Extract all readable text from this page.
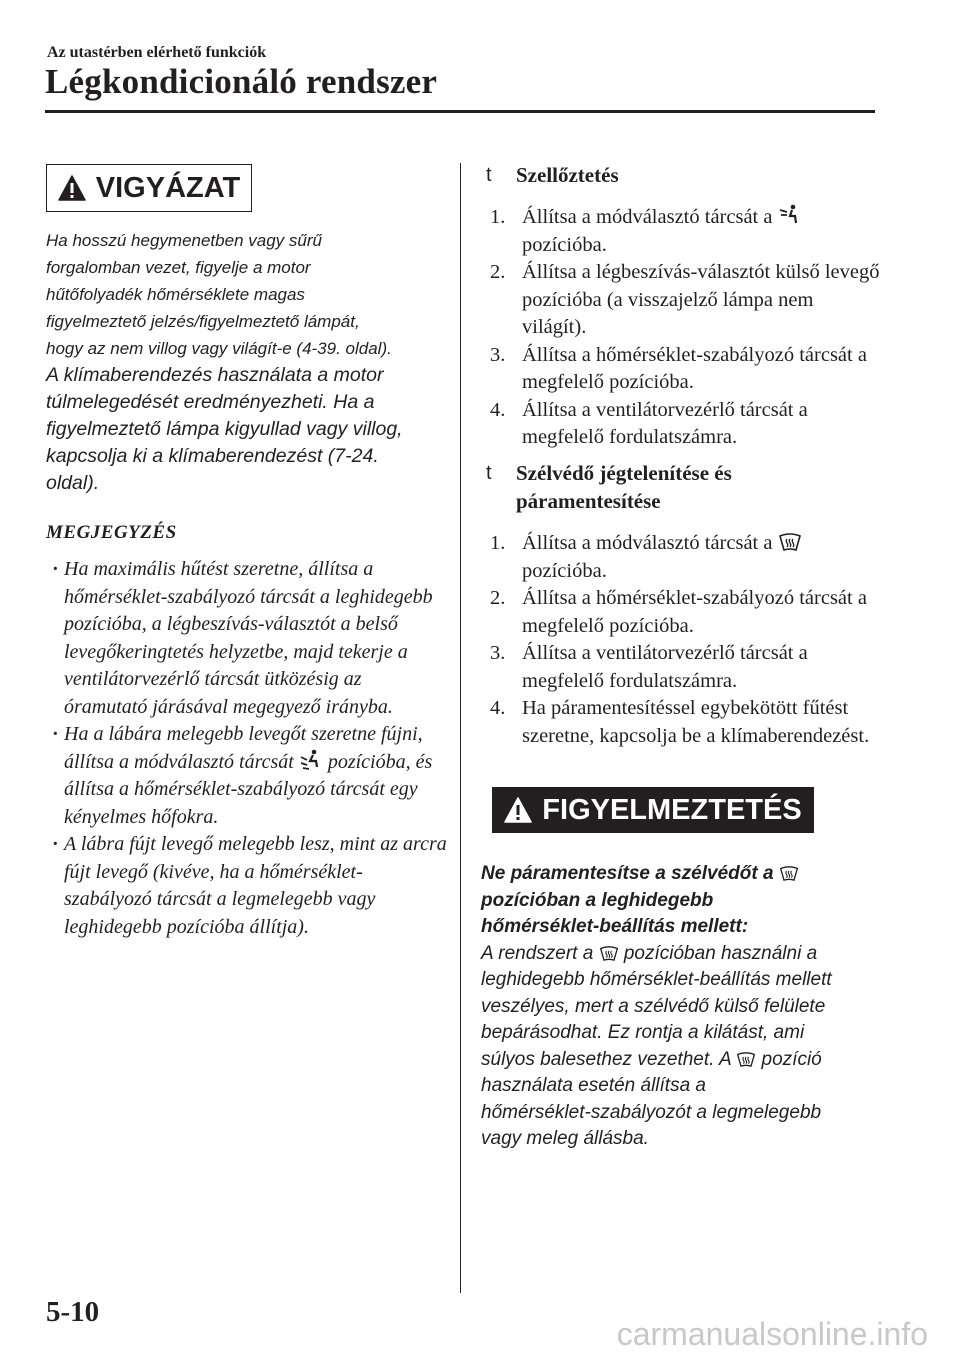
Az utastérben elérhető funkciók
Légkondicionáló rendszer
VIGYÁZAT

Ha hosszú hegymenetben vagy sűrű

forgalomban vezet, figyelje a motor

hűtőfolyadék hőmérséklete magas

figyelmeztető jelzés/figyelmeztető lámpát,

hogy az nem villog vagy világít-e (4-39. oldal).

A klímaberendezés használata a motor

túlmelegedését eredményezheti. Ha a

figyelmeztető lámpa kigyullad vagy villog,

kapcsolja ki a klímaberendezést (7-24.

oldal).

MEGJEGYZÉS
· Ha maximális hűtést szeretne, állítsa a hőmérséklet-szabályozó tárcsát a leghidegebb pozícióba, a légbeszívás-választót a belső levegőkeringtetés helyzetbe, majd tekerje a ventilátorvezérlő tárcsát ütközésig az óramutató járásával megegyező irányba.
· Ha a lábára melegebb levegőt szeretne fújni, állítsa a módválasztó tárcsát pozícióba, és állítsa a hőmérséklet-szabályozó tárcsát egy kényelmes hőfokra.
· A lábra fújt levegő melegebb lesz, mint az arcra fújt levegő (kivéve, ha a hőmérséklet-szabályozó tárcsát a legmelegebb vagy leghidegebb pozícióba állítja).
t Szellőztetés
1. Állítsa a módválasztó tárcsát a
pozícióba.
2. Állítsa a légbeszívás-választót külső levegő pozícióba (a visszajelző lámpa nem világít).
3. Állítsa a hőmérséklet-szabályozó tárcsát a megfelelő pozícióba.
4. Állítsa a ventilátorvezérlő tárcsát a megfelelő fordulatszámra.
t Szélvédő jégtelenítése és
páramentesítése
1. Állítsa a módválasztó tárcsát a
pozícióba.
2. Állítsa a hőmérséklet-szabályozó tárcsát a megfelelő pozícióba.
3. Állítsa a ventilátorvezérlő tárcsát a megfelelő fordulatszámra.
4. Ha páramentesítéssel egybekötött fűtést szeretne, kapcsolja be a klímaberendezést.
FIGYELMEZTETÉS

Ne páramentesítse a szélvédőt a

pozícióban a leghidegebb

hőmérséklet-beállítás mellett:

A rendszert a pozícióban használni a

leghidegebb hőmérséklet-beállítás mellett

veszélyes, mert a szélvédő külső felülete

bepárásodhat. Ez rontja a kilátást, ami

súlyos balesethez vezethet. A pozíció

használata esetén állítsa a

hőmérséklet-szabályozót a legmelegebb

vagy meleg állásba.

5-10
carmanualsonline.info
